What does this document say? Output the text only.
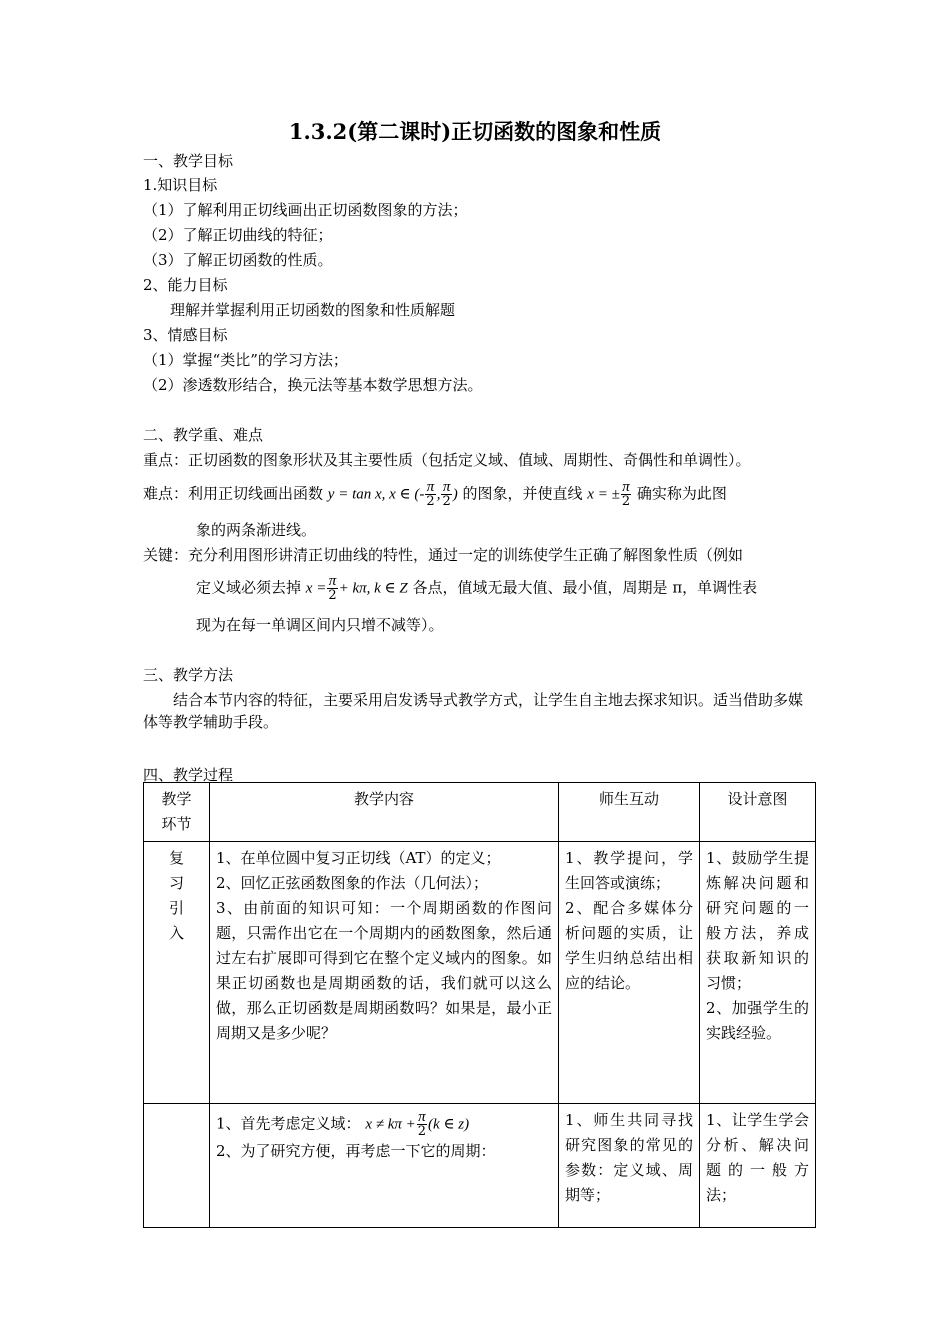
1.3.2(第二课时)正切函数的图象和性质
一、教学目标
1.知识目标
（1）了解利用正切线画出正切函数图象的方法；
（2）了解正切曲线的特征；
（3）了解正切函数的性质。
2、能力目标
理解并掌握利用正切函数的图象和性质解题
3、情感目标
（1）掌握“类比”的学习方法；
（2）渗透数形结合，换元法等基本数学思想方法。
二、教学重、难点
重点：正切函数的图象形状及其主要性质（包括定义域、值域、周期性、奇偶性和单调性）。
难点：利用正切线画出函数 y = tan x, x ∈ (- $\frac{\pi}{2}$ , $\frac{\pi}{2}$ ) 的图象，并使直线 x = ± $\frac{\pi}{2}$ 确实称为此图
象的两条渐进线。
关键：充分利用图形讲清正切曲线的特性，通过一定的训练使学生正确了解图象性质（例如
定义域必须去掉 $x = \frac{\pi}{2} + k\pi$, k ∈ Z 各点，值域无最大值、最小值，周期是 π，单调性表
现为在每一单调区间内只增不减等）。
三、教学方法
结合本节内容的特征，主要采用启发诱导式教学方式，让学生自主地去探求知识。适当借助多媒体等教学辅助手段。
四、教学过程
教学环节	教学内容	师生互动	设计意图

复
习
引
入	1、在单位圆中复习正切线（AT）的定义；
2、回忆正弦函数图象的作法（几何法）；
3、由前面的知识可知：一个周期函数的作图问题，只需作出它在一个周期内的函数图象，然后通过左右扩展即可得到它在整个定义域内的图象。如果正切函数也是周期函数的话，我们就可以这么做，那么正切函数是周期函数吗？如果是，最小正周期又是多少呢？	1、教学提问，学生回答或演练；
2、配合多媒体分析问题的实质，让学生归纳总结出相应的结论。	1、鼓励学生提炼解决问题和研究问题的一般方法，养成获取新知识的习惯；
2、加强学生的实践经验。

	1、首先考虑定义域： $x \ne k\pi + \frac{\pi}{2} (k$ ∈ z)
2、为了研究方便，再考虑一下它的周期：	1、师生共同寻找研究图象的常见的参数：定义域、周期等；	1、让学生学会分析、解决问题的一般方法；
